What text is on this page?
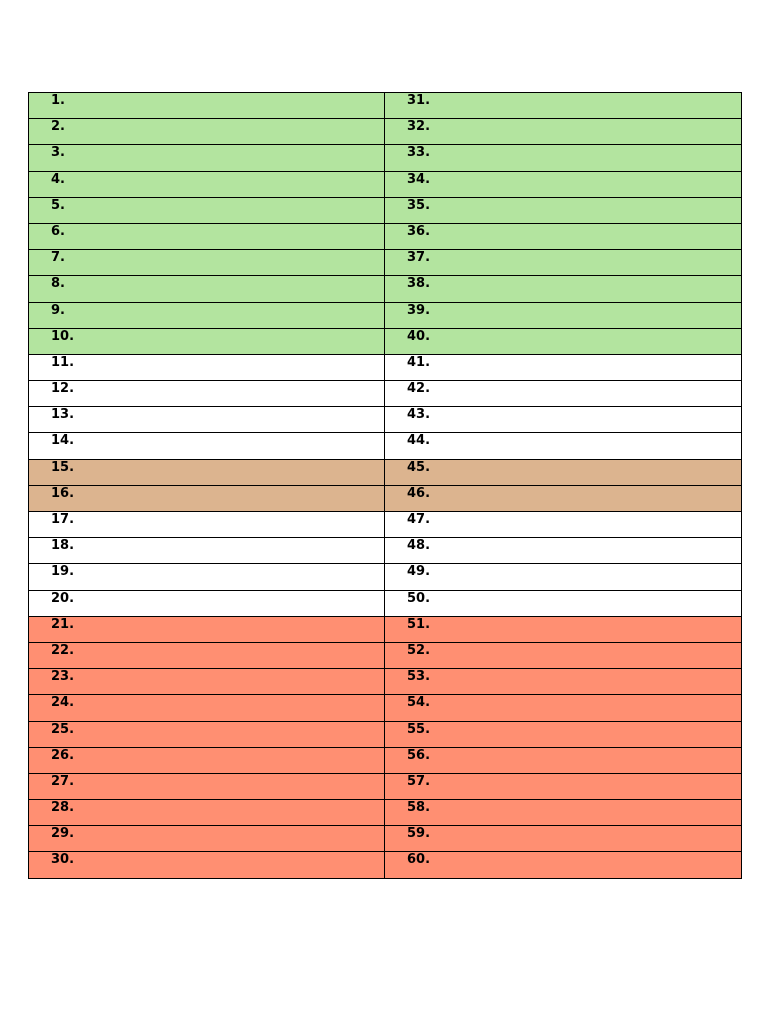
1.	31.
2.	32.
3.	33.
4.	34.
5.	35.
6.	36.
7.	37.
8.	38.
9.	39.
10.	40.
11.	41.
12.	42.
13.	43.
14.	44.
15.	45.
16.	46.
17.	47.
18.	48.
19.	49.
20.	50.
21.	51.
22.	52.
23.	53.
24.	54.
25.	55.
26.	56.
27.	57.
28.	58.
29.	59.
30.	60.
